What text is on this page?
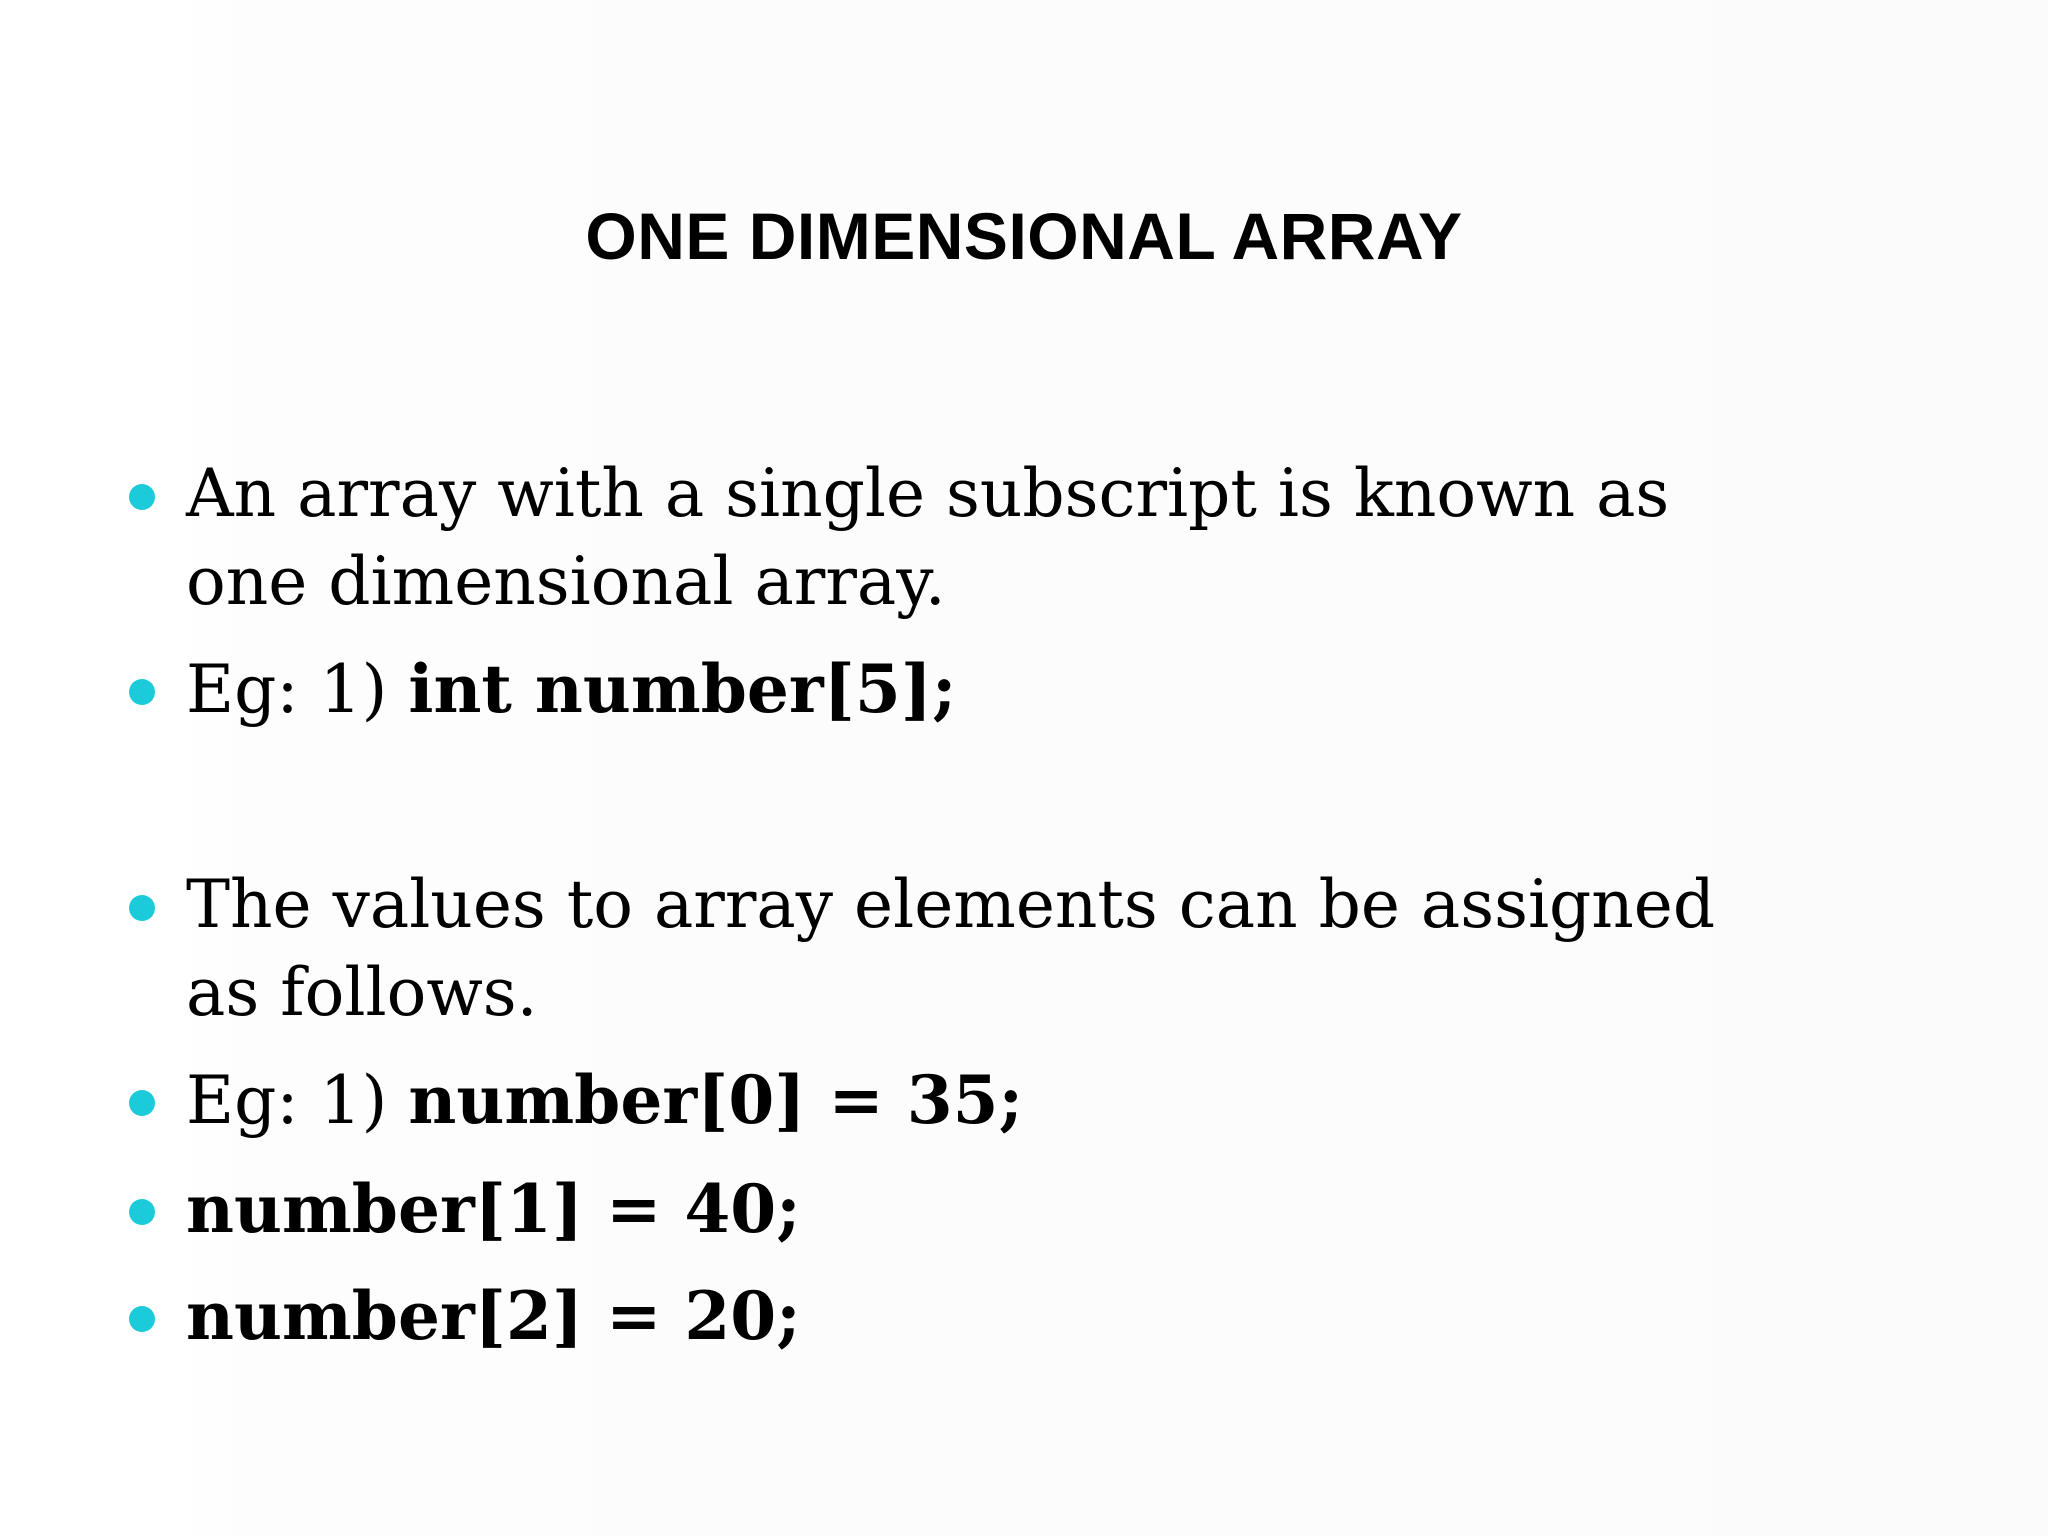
ONE DIMENSIONAL ARRAY
An array with a single subscript is known as one dimensional array.
Eg: 1) int number[5];
The values to array elements can be assigned as follows.
Eg: 1) number[0] = 35;
number[1] = 40;
number[2] = 20;
